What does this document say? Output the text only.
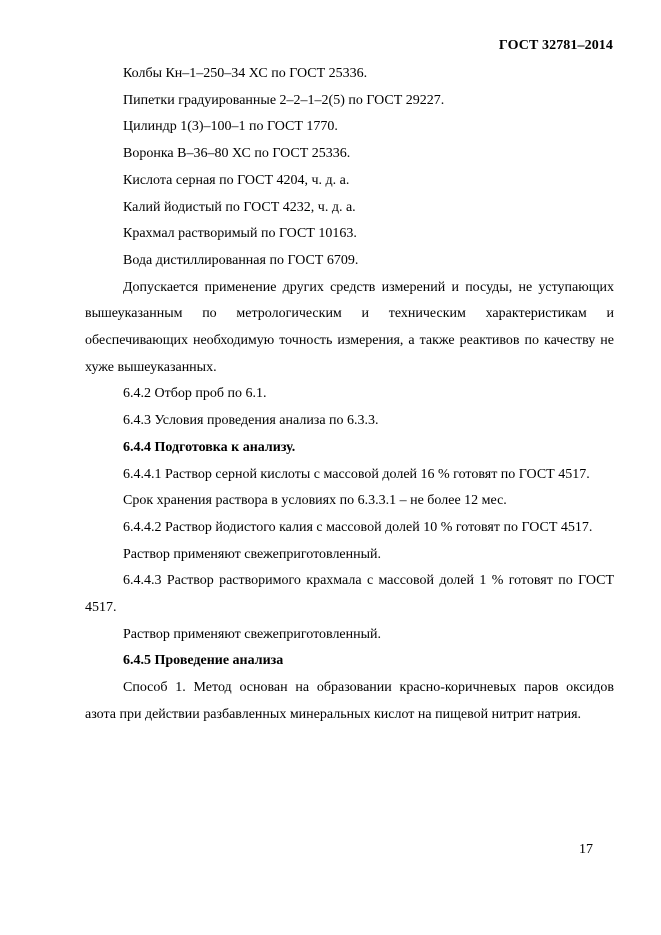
ГОСТ 32781–2014

Колбы Кн–1–250–34 ХС по ГОСТ 25336.

Пипетки градуированные 2–2–1–2(5) по ГОСТ 29227.

Цилиндр 1(3)–100–1 по ГОСТ 1770.

Воронка В–36–80 ХС по ГОСТ 25336.

Кислота серная по ГОСТ 4204, ч. д. а.

Калий йодистый по ГОСТ 4232, ч. д. а.

Крахмал растворимый по ГОСТ 10163.

Вода дистиллированная по ГОСТ 6709.

Допускается применение других средств измерений и посуды, не уступающих вышеуказанным по метрологическим и техническим характеристикам и обеспечивающих необходимую точность измерения, а также реактивов по качеству не хуже вышеуказанных.

6.4.2 Отбор проб по 6.1.

6.4.3 Условия проведения анализа по 6.3.3.

6.4.4 Подготовка к анализу.

6.4.4.1 Раствор серной кислоты с массовой долей 16 % готовят по ГОСТ 4517.

Срок хранения раствора в условиях по 6.3.3.1 – не более 12 мес.

6.4.4.2 Раствор йодистого калия с массовой долей 10 % готовят по ГОСТ 4517.

Раствор применяют свежеприготовленный.

6.4.4.3 Раствор растворимого крахмала с массовой долей 1 % готовят по ГОСТ 4517.

Раствор применяют свежеприготовленный.

6.4.5 Проведение анализа

Способ 1. Метод основан на образовании красно-коричневых паров оксидов азота при действии разбавленных минеральных кислот на пищевой нитрит натрия.

17
